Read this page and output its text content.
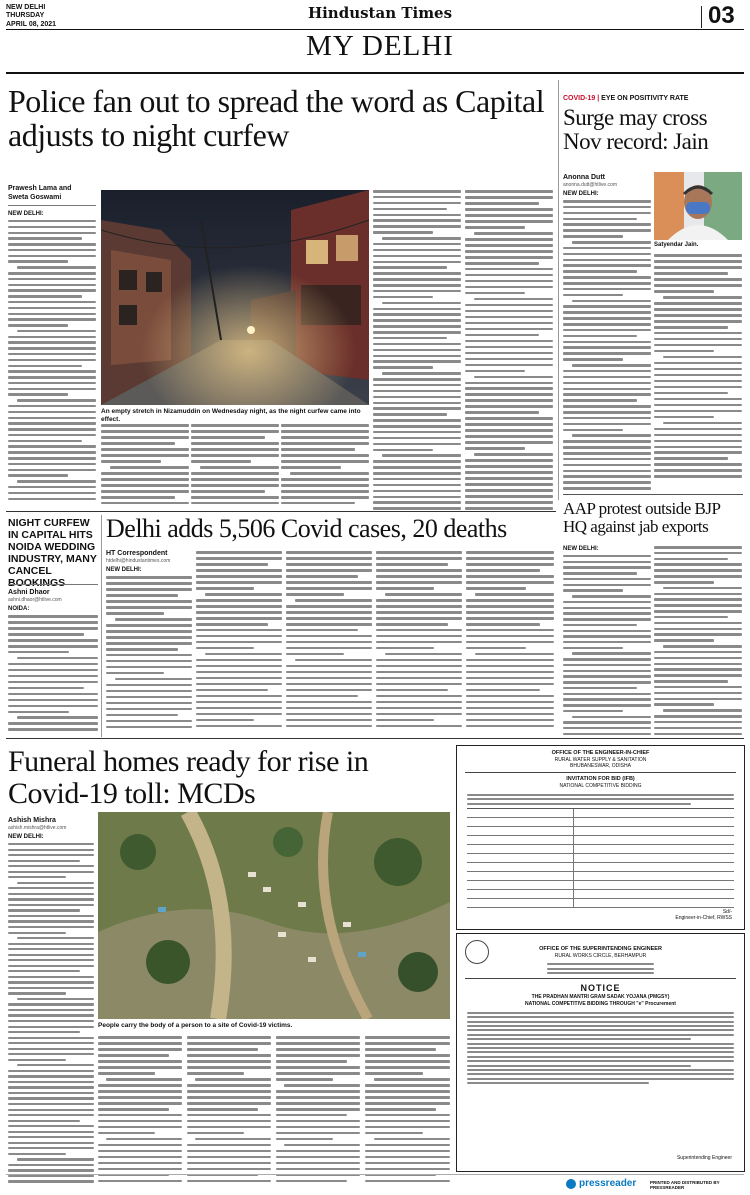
NEW DELHI
THURSDAY
APRIL 08, 2021
Hindustan Times
MY DELHI
03
Police fan out to spread the word as Capital adjusts to night curfew
Prawesh Lama and
Sweta Goswami
NEW DELHI:
An empty stretch in Nizamuddin on Wednesday night, as the night curfew came into effect.
COVID-19 | EYE ON POSITIVITY RATE
Surge may cross Nov record: Jain
Anonna Dutt
anonna.dutt@htlive.com
NEW DELHI:
Satyendar Jain.
AAP protest outside BJP HQ against jab exports
NEW DELHI:
NIGHT CURFEW IN CAPITAL HITS NOIDA WEDDING INDUSTRY, MANY CANCEL
Ashni Dhaor
ashni.dhaor@htlive.com
NOIDA:
Delhi adds 5,506 Covid cases, 20 deaths
HT Correspondent
htdelhi@hindustantimes.com
NEW DELHI:
Funeral homes ready for rise in Covid-19 toll: MCDs
Ashish Mishra
ashish.mishra@htlive.com
NEW DELHI:
People carry the body of a person to a site of Covid-19 victims.
OFFICE OF THE ENGINEER-IN-CHIEF
RURAL WATER SUPPLY & SANITATION
BHUBANESWAR, ODISHA
INVITATION FOR BID (IFB)
NATIONAL COMPETITIVE BIDDING
Sd/-
Engineer-in-Chief, RWSS
OFFICE OF THE SUPERINTENDING ENGINEER
RURAL WORKS CIRCLE, BERHAMPUR
NOTICE
THE PRADHAN MANTRI GRAM SADAK YOJANA (PMGSY)
NATIONAL COMPETITIVE BIDDING THROUGH "e" Procurement
Superintending Engineer
pressreader	PRINTED AND DISTRIBUTED BY PRESSREADER
